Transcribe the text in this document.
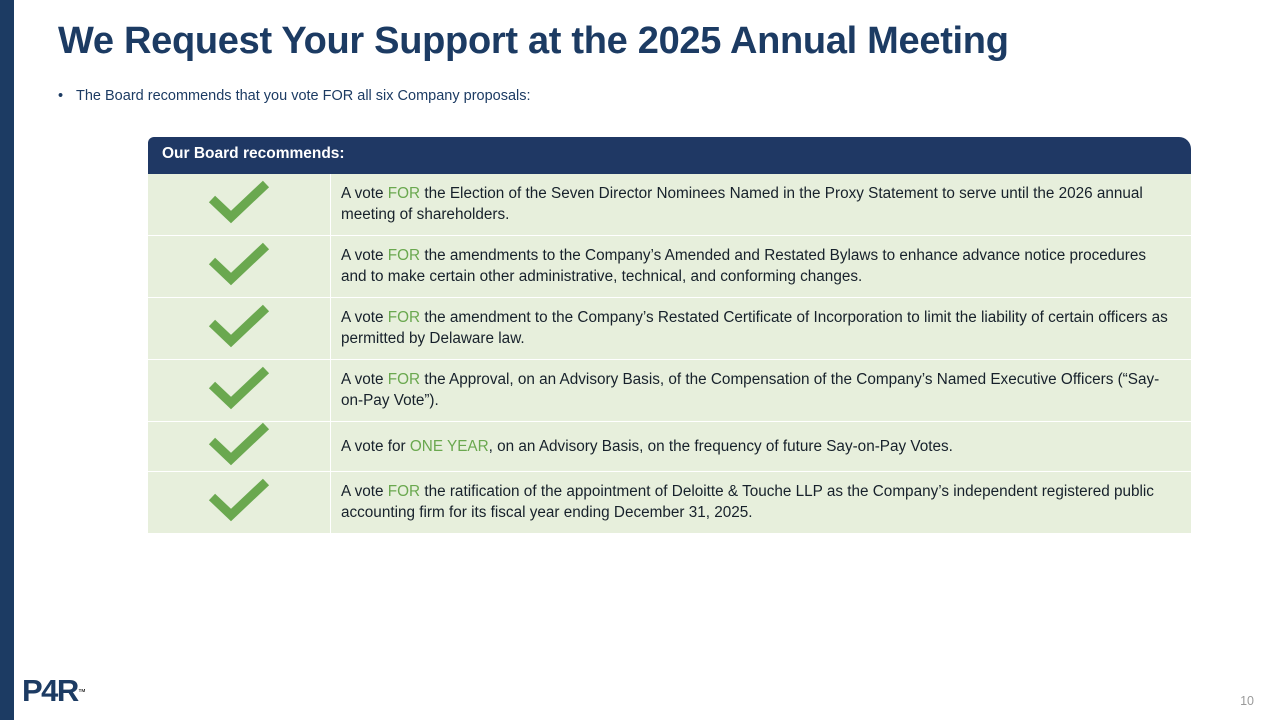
We Request Your Support at the 2025 Annual Meeting
• The Board recommends that you vote FOR all six Company proposals:
Our Board recommends:
	A vote FOR the Election of the Seven Director Nominees Named in the Proxy Statement to serve until the 2026 annual meeting of shareholders.
	A vote FOR the amendments to the Company’s Amended and Restated Bylaws to enhance advance notice procedures and to make certain other administrative, technical, and conforming changes.
	A vote FOR the amendment to the Company’s Restated Certificate of Incorporation to limit the liability of certain officers as permitted by Delaware law.
	A vote FOR the Approval, on an Advisory Basis, of the Compensation of the Company’s Named Executive Officers (“Say-on-Pay Vote”).
	A vote for ONE YEAR, on an Advisory Basis, on the frequency of future Say-on-Pay Votes.
	A vote FOR the ratification of the appointment of Deloitte & Touche LLP as the Company’s independent registered public accounting firm for its fiscal year ending December 31, 2025.
10
P4R™
